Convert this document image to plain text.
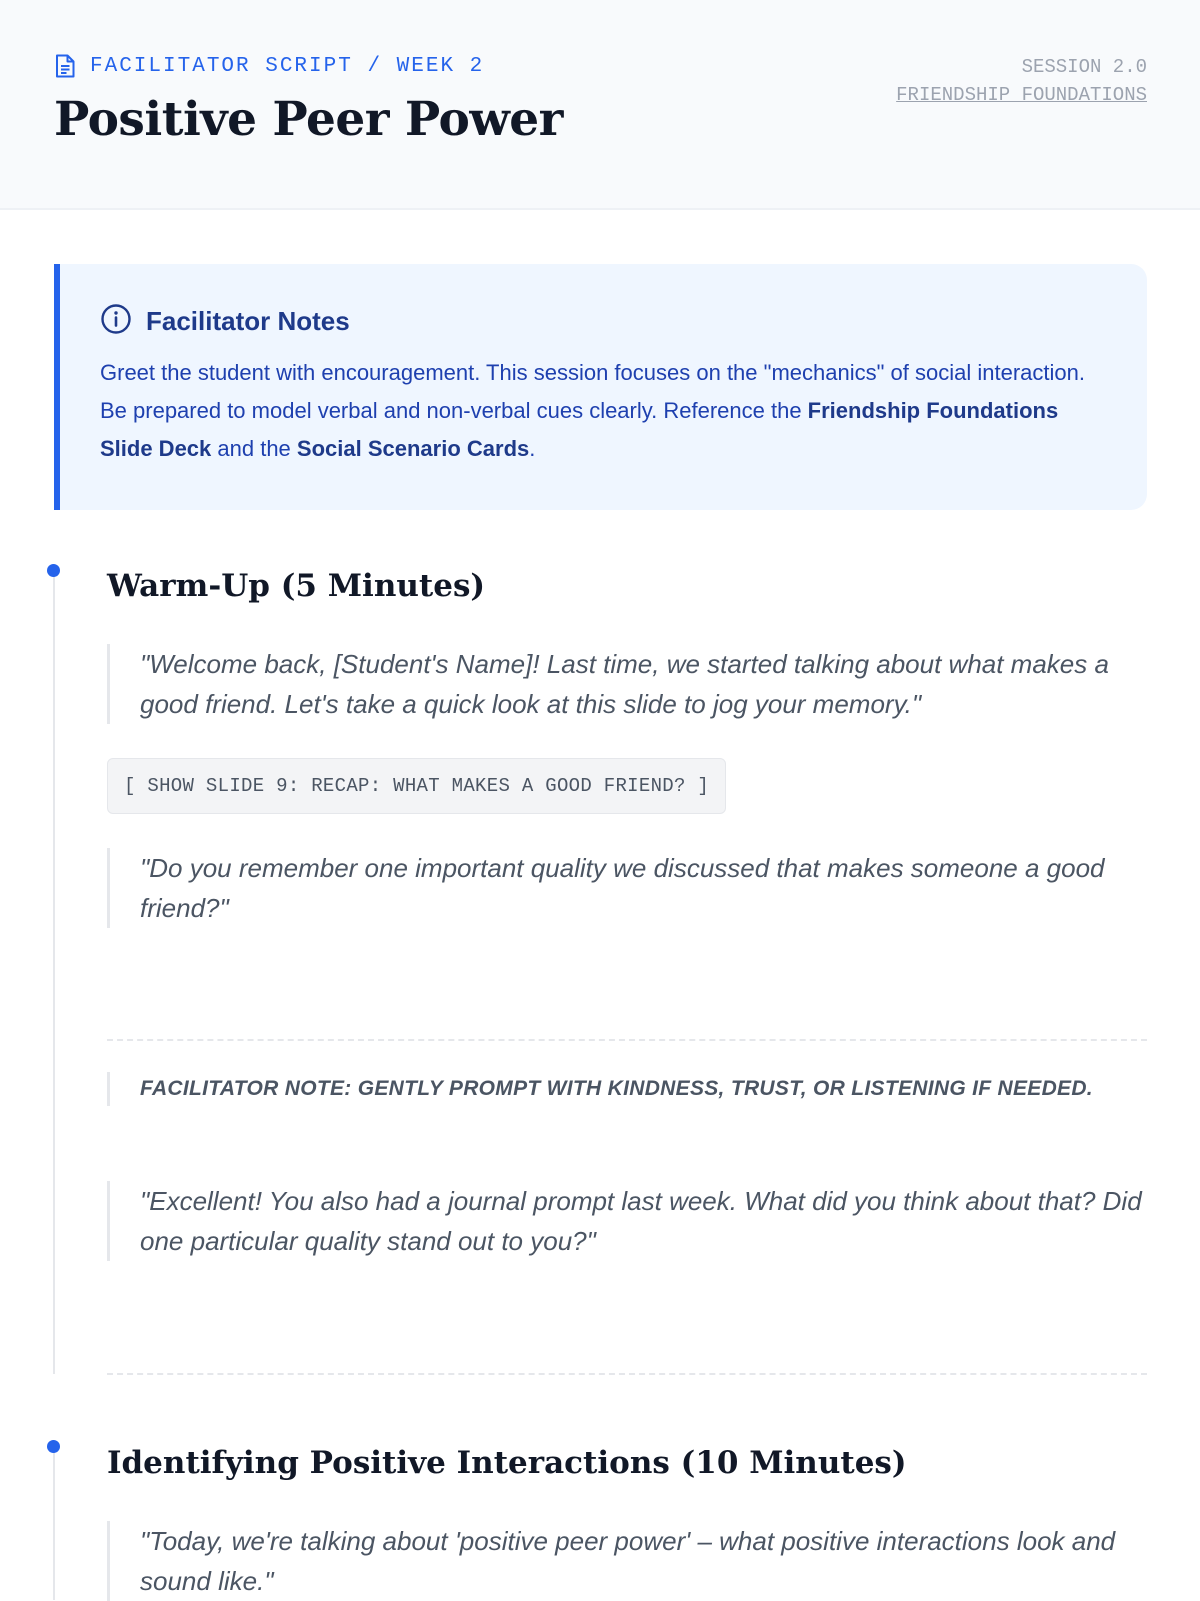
FACILITATOR SCRIPT / WEEK 2
Positive Peer Power
SESSION 2.0
FRIENDSHIP FOUNDATIONS
Facilitator Notes

Greet the student with encouragement. This session focuses on the "mechanics" of social interaction. Be prepared to model verbal and non-verbal cues clearly. Reference the Friendship Foundations Slide Deck and the Social Scenario Cards.

Warm-Up (5 Minutes)
"Welcome back, [Student's Name]! Last time, we started talking about what makes a good friend. Let's take a quick look at this slide to jog your memory."
[ SHOW SLIDE 9: RECAP: WHAT MAKES A GOOD FRIEND? ]
"Do you remember one important quality we discussed that makes someone a good friend?"
FACILITATOR NOTE: GENTLY PROMPT WITH KINDNESS, TRUST, OR LISTENING IF NEEDED.
"Excellent! You also had a journal prompt last week. What did you think about that? Did one particular quality stand out to you?"
Identifying Positive Interactions (10 Minutes)
"Today, we're talking about 'positive peer power' – what positive interactions look and sound like."
